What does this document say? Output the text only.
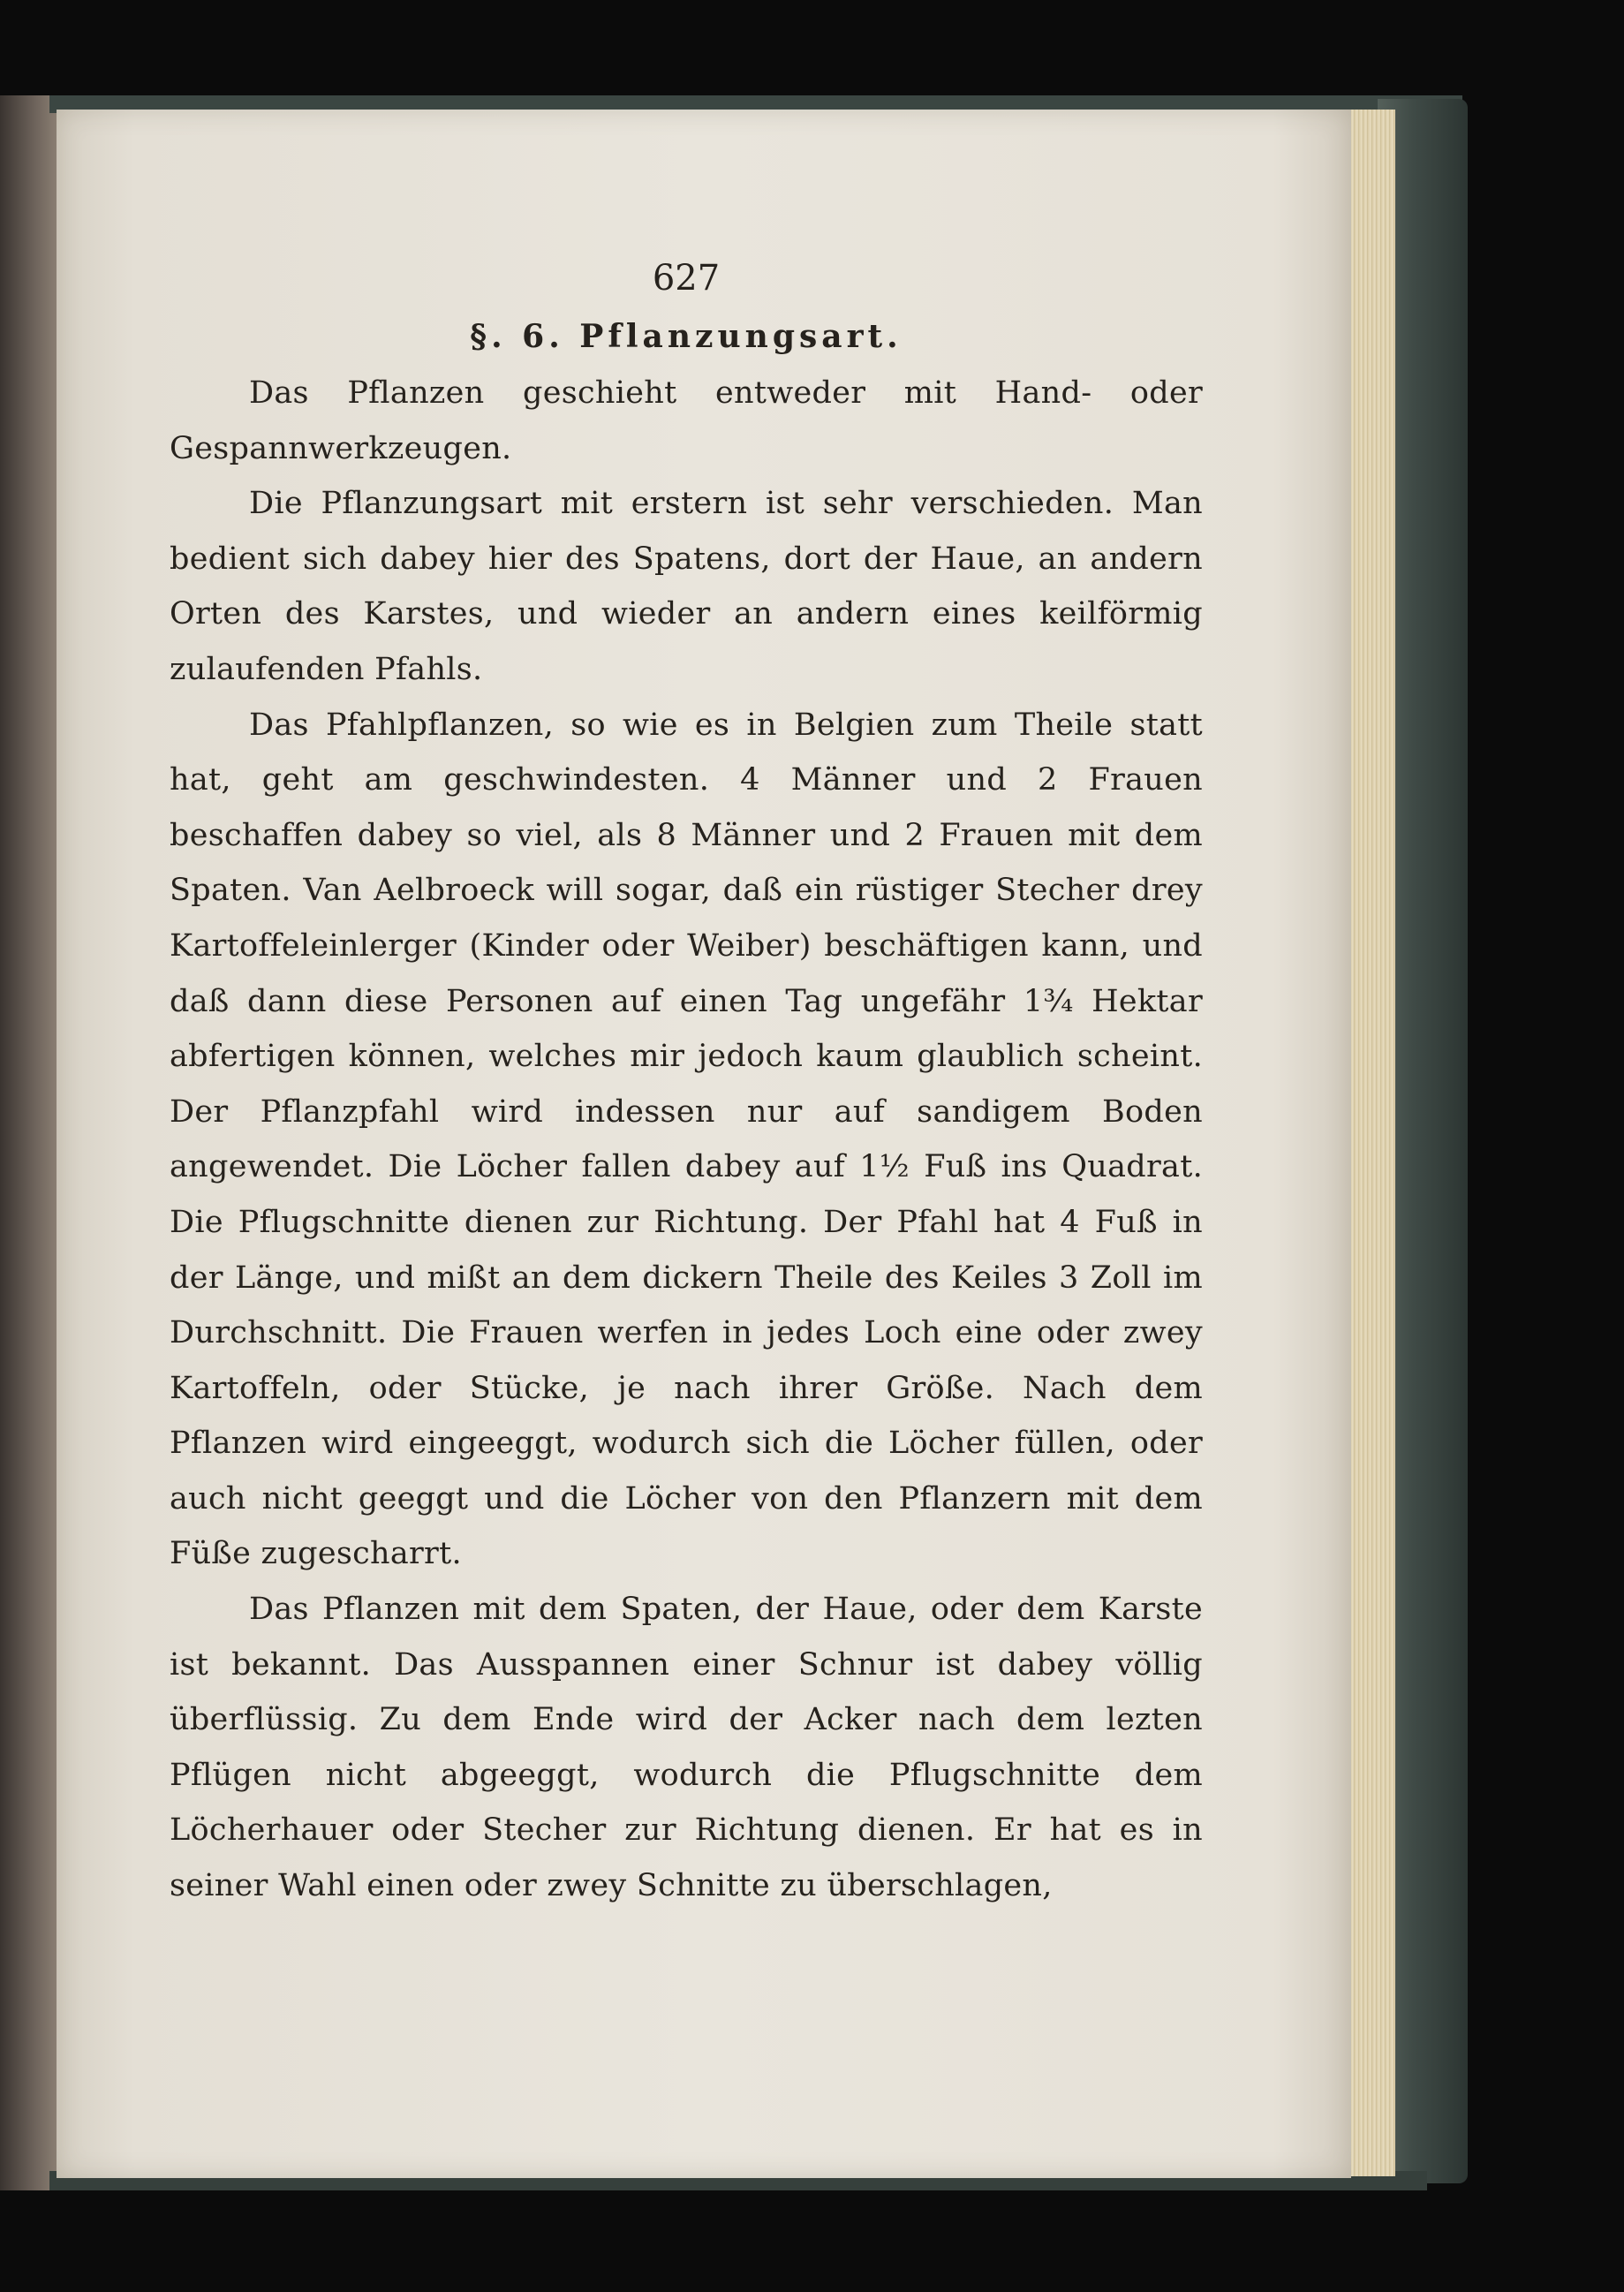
627
§. 6. Pflanzungsart.

Das Pflanzen geschieht entweder mit Hand- oder Gespannwerkzeugen.

Die Pflanzungsart mit erstern ist sehr verschieden. Man bedient sich dabey hier des Spatens, dort der Haue, an andern Orten des Karstes, und wieder an andern eines keilförmig zulaufenden Pfahls.

Das Pfahlpflanzen, so wie es in Belgien zum Theile statt hat, geht am geschwindesten. 4 Männer und 2 Frauen beschaffen dabey so viel, als 8 Männer und 2 Frauen mit dem Spaten. Van Aelbroeck will sogar, daß ein rüstiger Stecher drey Kartoffeleinlerger (Kinder oder Weiber) beschäftigen kann, und daß dann diese Personen auf einen Tag ungefähr 1¾ Hektar abfertigen können, welches mir jedoch kaum glaublich scheint. Der Pflanzpfahl wird indessen nur auf sandigem Boden angewendet. Die Löcher fallen dabey auf 1½ Fuß ins Quadrat. Die Pflugschnitte dienen zur Richtung. Der Pfahl hat 4 Fuß in der Länge, und mißt an dem dickern Theile des Keiles 3 Zoll im Durchschnitt. Die Frauen werfen in jedes Loch eine oder zwey Kartoffeln, oder Stücke, je nach ihrer Größe. Nach dem Pflanzen wird eingeeggt, wodurch sich die Löcher füllen, oder auch nicht geeggt und die Löcher von den Pflanzern mit dem Füße zugescharrt.

Das Pflanzen mit dem Spaten, der Haue, oder dem Karste ist bekannt. Das Ausspannen einer Schnur ist dabey völlig überflüssig. Zu dem Ende wird der Acker nach dem lezten Pflügen nicht abgeeggt, wodurch die Pflugschnitte dem Löcherhauer oder Stecher zur Richtung dienen. Er hat es in seiner Wahl einen oder zwey Schnitte zu überschlagen,
